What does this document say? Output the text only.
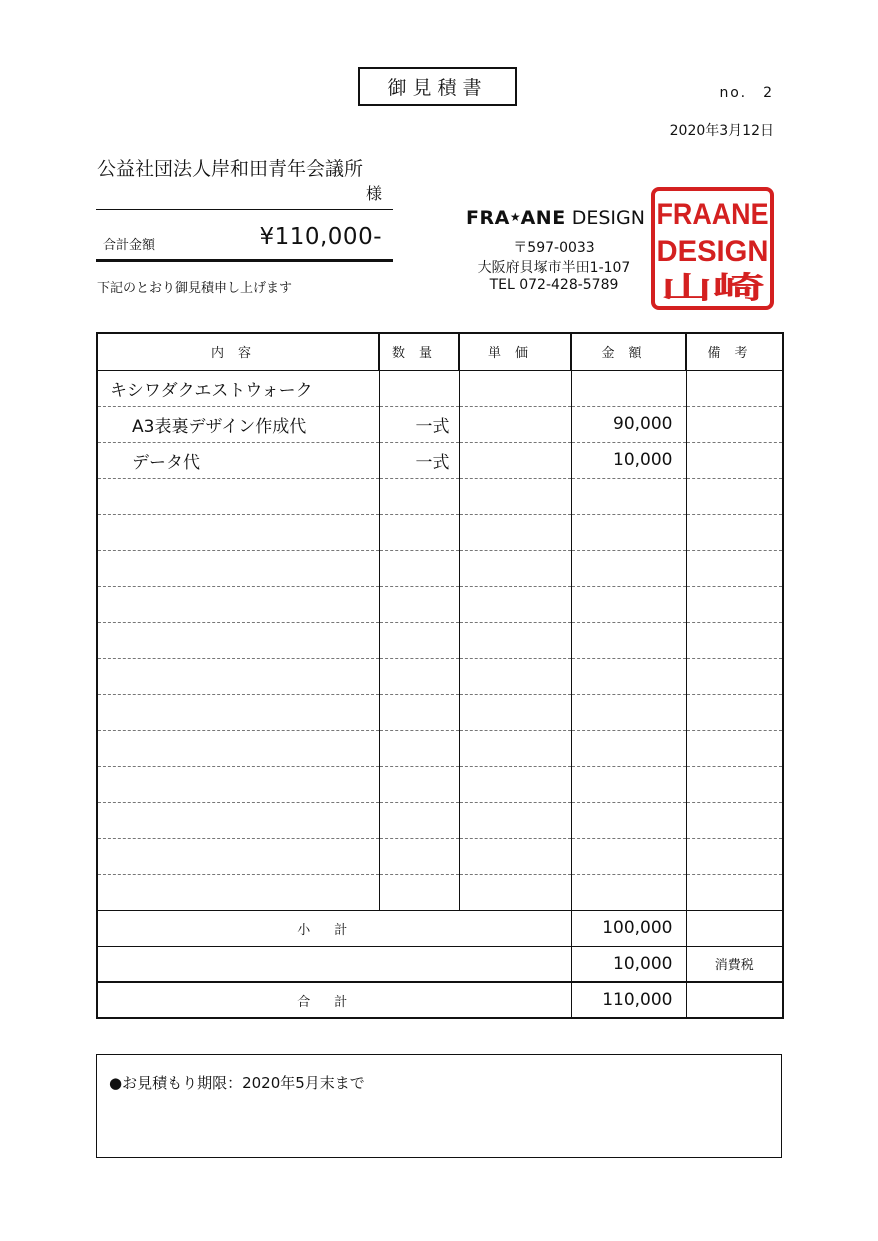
御見積書	no.　2
2020年3月12日
公益社団法人岸和田青年会議所
様
合計金額	¥110,000-
下記のとおり御見積申し上げます
FRA★ANE DESIGN
〒597-0033
大阪府貝塚市半田1-107
TEL 072-428-5789
FRAANE
DESIGN
山崎
内容	数量	単価	金額	備考
キシワダクエストウォーク				
A3表裏デザイン作成代	一式		90,000	
データ代	一式		10,000	

小計			100,000	
			10,000	消費税
合計			110,000	
●お見積もり期限：2020年5月末まで
